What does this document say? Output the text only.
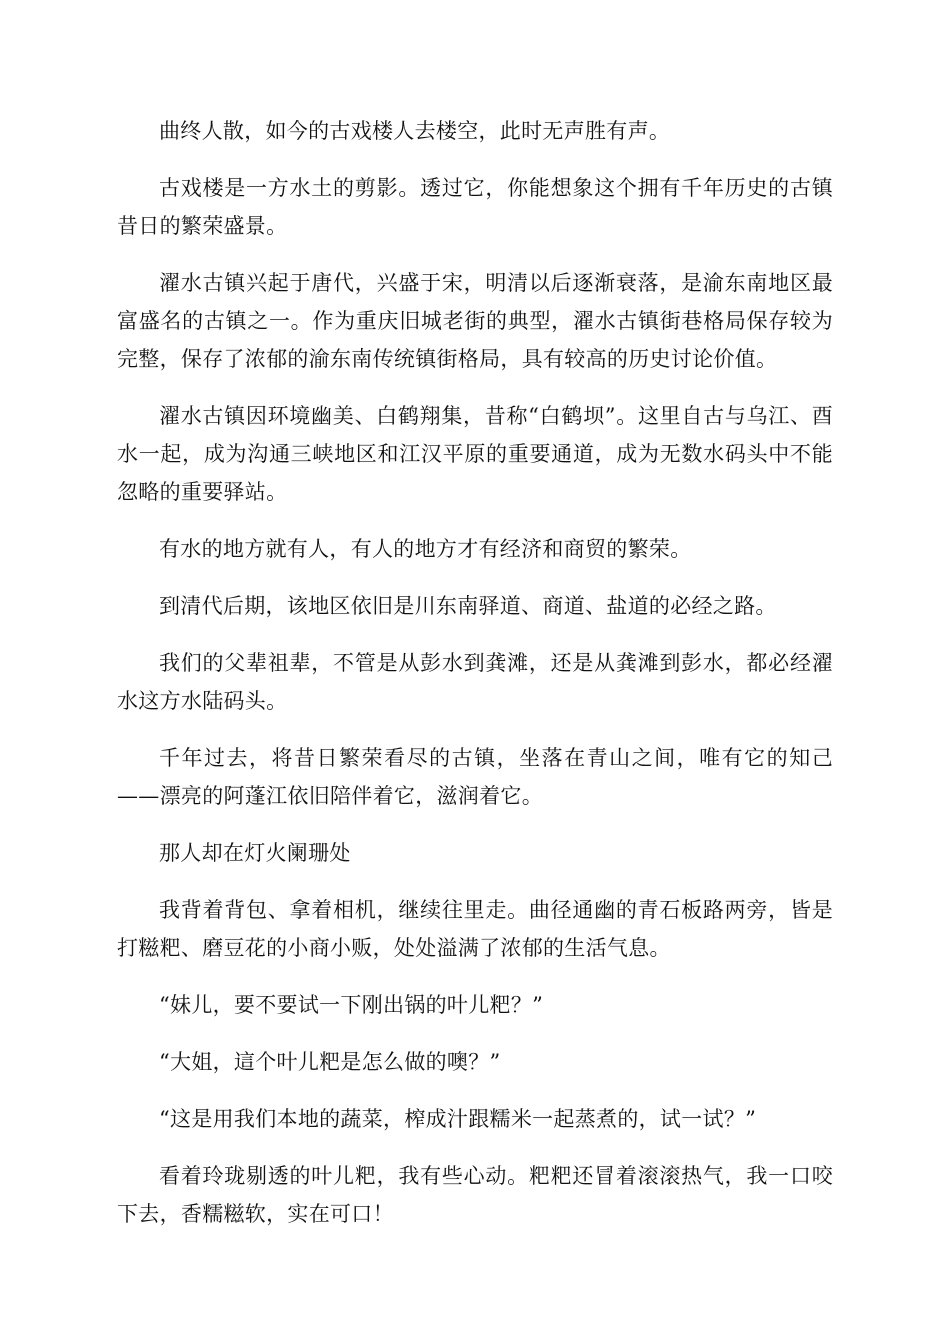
曲终人散，如今的古戏楼人去楼空，此时无声胜有声。

古戏楼是一方水土的剪影。透过它，你能想象这个拥有千年历史的古镇昔日的繁荣盛景。

濯水古镇兴起于唐代，兴盛于宋，明清以后逐渐衰落，是渝东南地区最富盛名的古镇之一。作为重庆旧城老街的典型，濯水古镇街巷格局保存较为完整，保存了浓郁的渝东南传统镇街格局，具有较高的历史讨论价值。

濯水古镇因环境幽美、白鹤翔集，昔称“白鹤坝”。这里自古与乌江、酉水一起，成为沟通三峡地区和江汉平原的重要通道，成为无数水码头中不能忽略的重要驿站。

有水的地方就有人，有人的地方才有经济和商贸的繁荣。

到清代后期，该地区依旧是川东南驿道、商道、盐道的必经之路。

我们的父辈祖辈，不管是从彭水到龚滩，还是从龚滩到彭水，都必经濯水这方水陆码头。

千年过去，将昔日繁荣看尽的古镇，坐落在青山之间，唯有它的知己——漂亮的阿蓬江依旧陪伴着它，滋润着它。

那人却在灯火阑珊处

我背着背包、拿着相机，继续往里走。曲径通幽的青石板路两旁，皆是打糍粑、磨豆花的小商小贩，处处溢满了浓郁的生活气息。

“妹儿，要不要试一下刚出锅的叶儿粑？”

“大姐，這个叶儿粑是怎么做的噢？”

“这是用我们本地的蔬菜，榨成汁跟糯米一起蒸煮的，试一试？”

看着玲珑剔透的叶儿粑，我有些心动。粑粑还冒着滚滚热气，我一口咬下去，香糯糍软，实在可口！
